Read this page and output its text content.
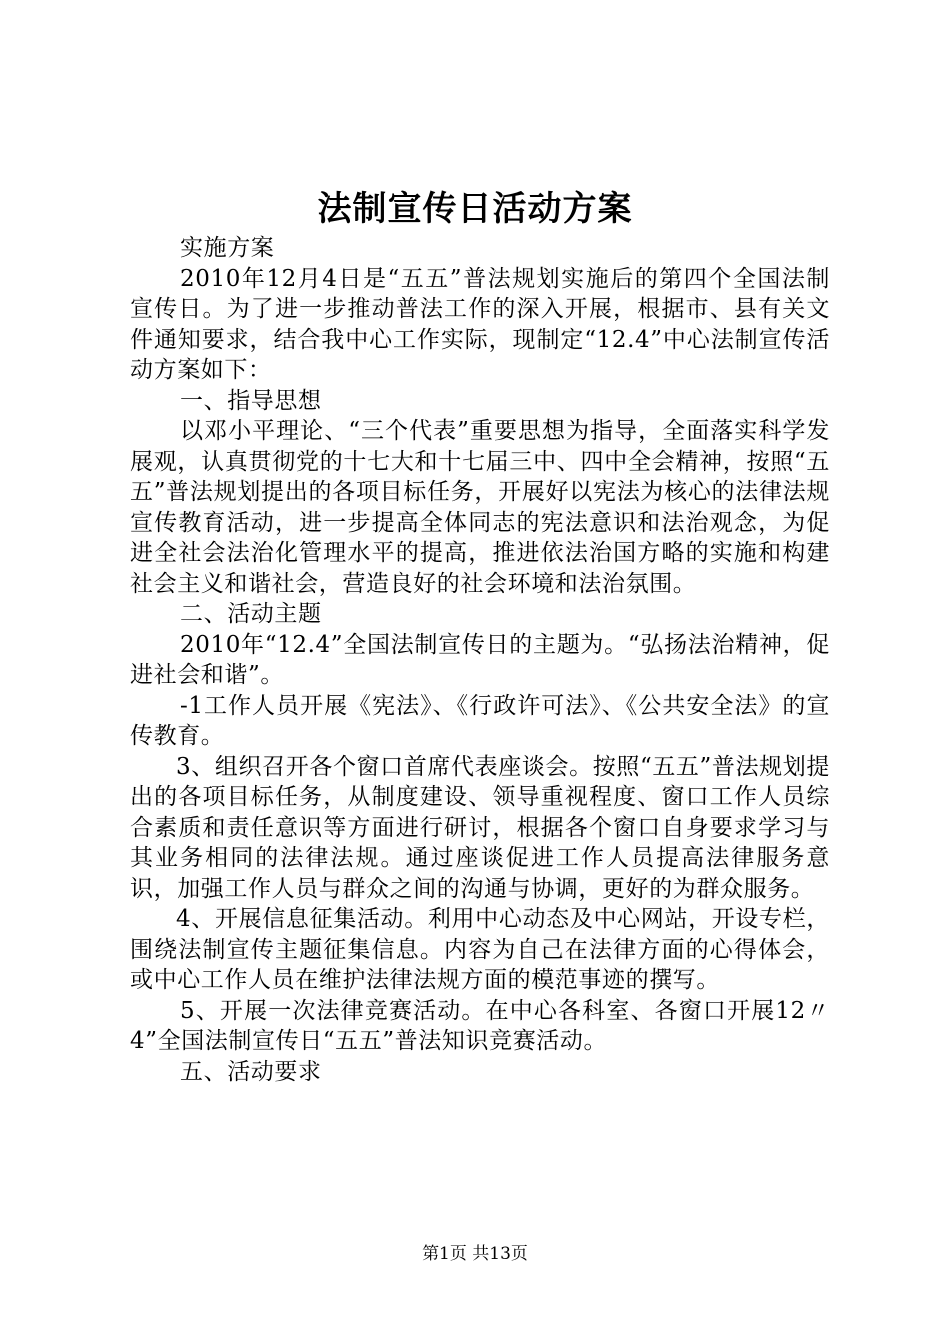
法制宣传日活动方案

实施方案

2010年12月4日是“五五”普法规划实施后的第四个全国法制宣传日。为了进一步推动普法工作的深入开展，根据市、县有关文件通知要求，结合我中心工作实际，现制定“12.4”中心法制宣传活动方案如下：

一、指导思想

以邓小平理论、“三个代表”重要思想为指导，全面落实科学发展观，认真贯彻党的十七大和十七届三中、四中全会精神，按照“五五”普法规划提出的各项目标任务，开展好以宪法为核心的法律法规宣传教育活动，进一步提高全体同志的宪法意识和法治观念，为促进全社会法治化管理水平的提高，推进依法治国方略的实施和构建社会主义和谐社会，营造良好的社会环境和法治氛围。

二、活动主题

2010年“12.4”全国法制宣传日的主题为。“弘扬法治精神，促进社会和谐”。

-1工作人员开展《宪法》、《行政许可法》、《公共安全法》的宣传教育。

3、组织召开各个窗口首席代表座谈会。按照“五五”普法规划提出的各项目标任务，从制度建设、领导重视程度、窗口工作人员综合素质和责任意识等方面进行研讨，根据各个窗口自身要求学习与其业务相同的法律法规。通过座谈促进工作人员提高法律服务意识，加强工作人员与群众之间的沟通与协调，更好的为群众服务。

4、开展信息征集活动。利用中心动态及中心网站，开设专栏，围绕法制宣传主题征集信息。内容为自己在法律方面的心得体会，或中心工作人员在维护法律法规方面的模范事迹的撰写。

5、开展一次法律竞赛活动。在中心各科室、各窗口开展12〃4”全国法制宣传日“五五”普法知识竞赛活动。

五、活动要求

第1页 共13页
